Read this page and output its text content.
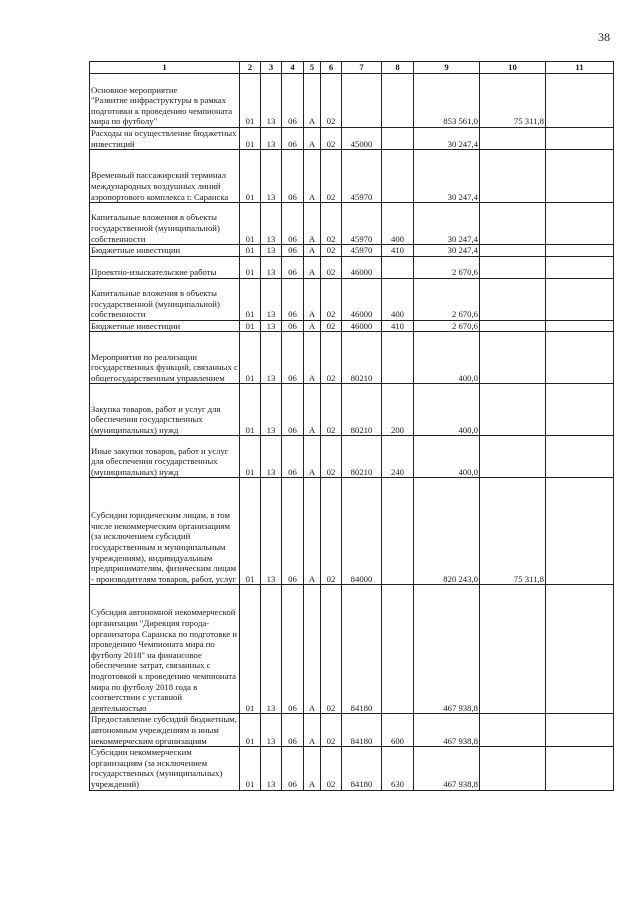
38
1	2	3	4	5	6	7	8	9	10	11
Основное мероприятие
"Развитие инфраструктуры в рамках подготовки к проведению чемпионата мира по футболу"	01	13	06	A	02			853 561,0	75 311,8	
Расходы на осуществление бюджетных инвестиций	01	13	06	A	02	45000		30 247,4		
Временный пассажирский терминал международных воздушных линий аэропортового комплекса г. Саранска	01	13	06	A	02	45970		30 247,4		
Капитальные вложения в объекты государственной (муниципальной) собственности	01	13	06	A	02	45970	400	30 247,4		
Бюджетные инвестиции	01	13	06	A	02	45970	410	30 247,4		
Проектно-изыскательские работы	01	13	06	A	02	46000		2 670,6		
Капитальные вложения в объекты государственной (муниципальной) собственности	01	13	06	A	02	46000	400	2 670,6		
Бюджетные инвестиции	01	13	06	A	02	46000	410	2 670,6		
Мероприятия по реализации государственных функций, связанных с общегосударственным управлением	01	13	06	A	02	80210		400,0		
Закупка товаров, работ и услуг для обеспечения государственных (муниципальных) нужд	01	13	06	A	02	80210	200	400,0		
Иные закупки товаров, работ и услуг для обеспечения государственных (муниципальных) нужд	01	13	06	A	02	80210	240	400,0		
Субсидии юридическим лицам, в том числе некоммерческим организациям (за исключением субсидий государственным и муниципальным учреждениям), индивидуальным предпринимателям, физическим лицам - производителям товаров, работ, услуг	01	13	06	A	02	84000		820 243,0	75 311,8	
Субсидия автономной некоммерческой организации "Дирекция города-организатора Саранска по подготовке и проведению Чемпионата мира по футболу 2018" на финансовое обеспечение затрат, связанных с подготовкой к проведению чемпионата мира по футболу 2018 года в соответствии с уставной деятельностью	01	13	06	A	02	84180		467 938,8		
Предоставление субсидий бюджетным, автономным учреждениям и иным некоммерческим организациям	01	13	06	A	02	84180	600	467 938,8		
Субсидии некоммерческим организациям (за исключением государственных (муниципальных) учреждений)	01	13	06	A	02	84180	630	467 938,8		
